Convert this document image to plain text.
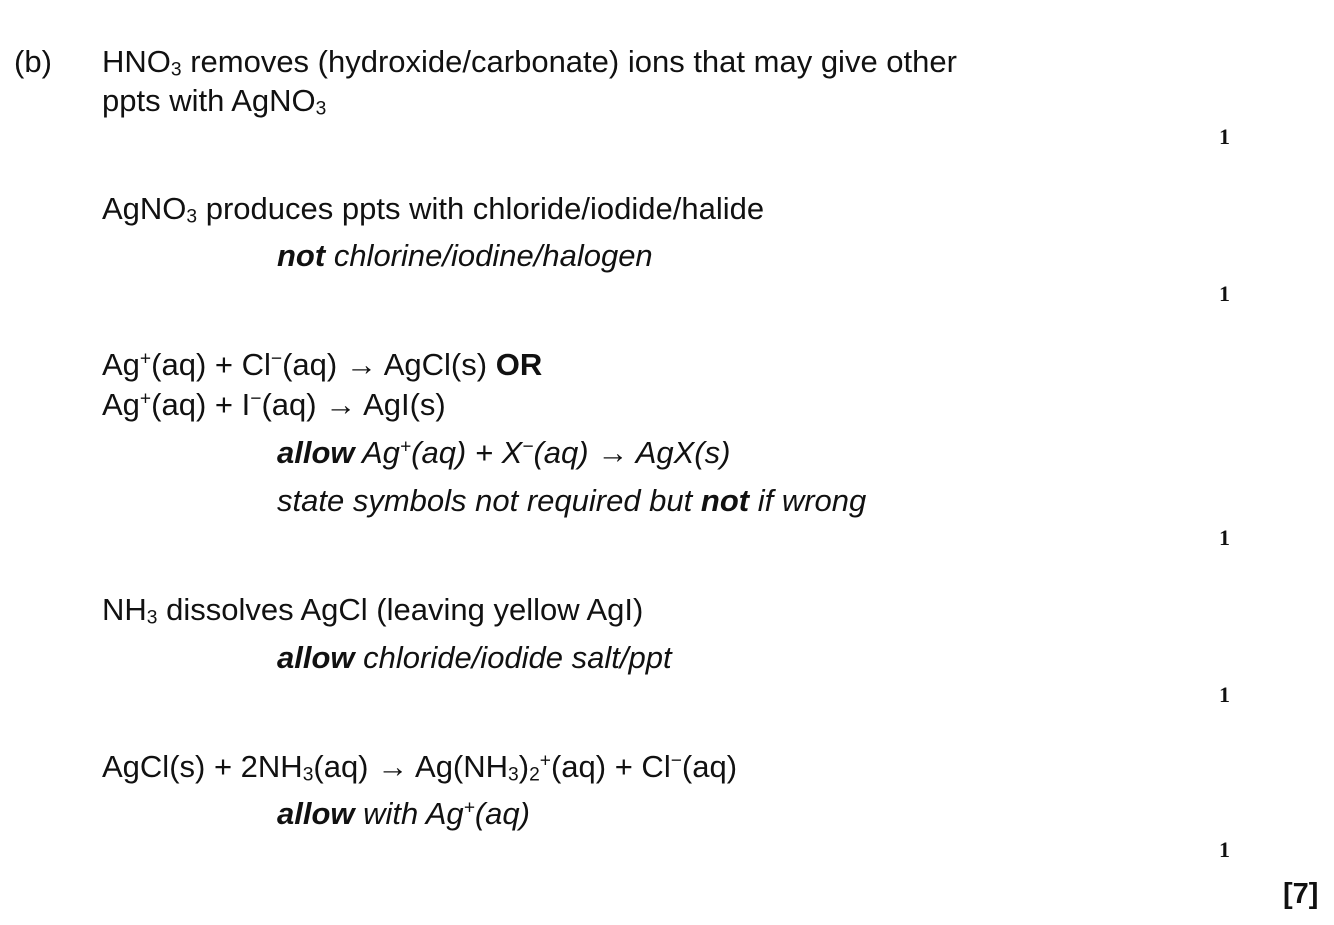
(b) $HNO_3$ removes (hydroxide/carbonate) ions that may give other
ppts with AgNO$_3$
1
AgNO$_3$ produces ppts with chloride/iodide/halide
not chlorine/iodine/halogen
1
Ag+(aq) + Cl−(aq) → AgCl(s) OR
Ag+(aq) + I−(aq) → AgI(s)
allow Ag+(aq) + X−(aq) → AgX(s)
state symbols not required but not if wrong
1
$NH_3$ dissolves AgCl (leaving yellow AgI)
allow chloride/iodide salt/ppt
1
AgCl(s) + $2NH_3(aq) \to Ag(NH_3)_2^+(aq) + Cl^-(aq)$
allow with Ag+(aq)
1
[7]
